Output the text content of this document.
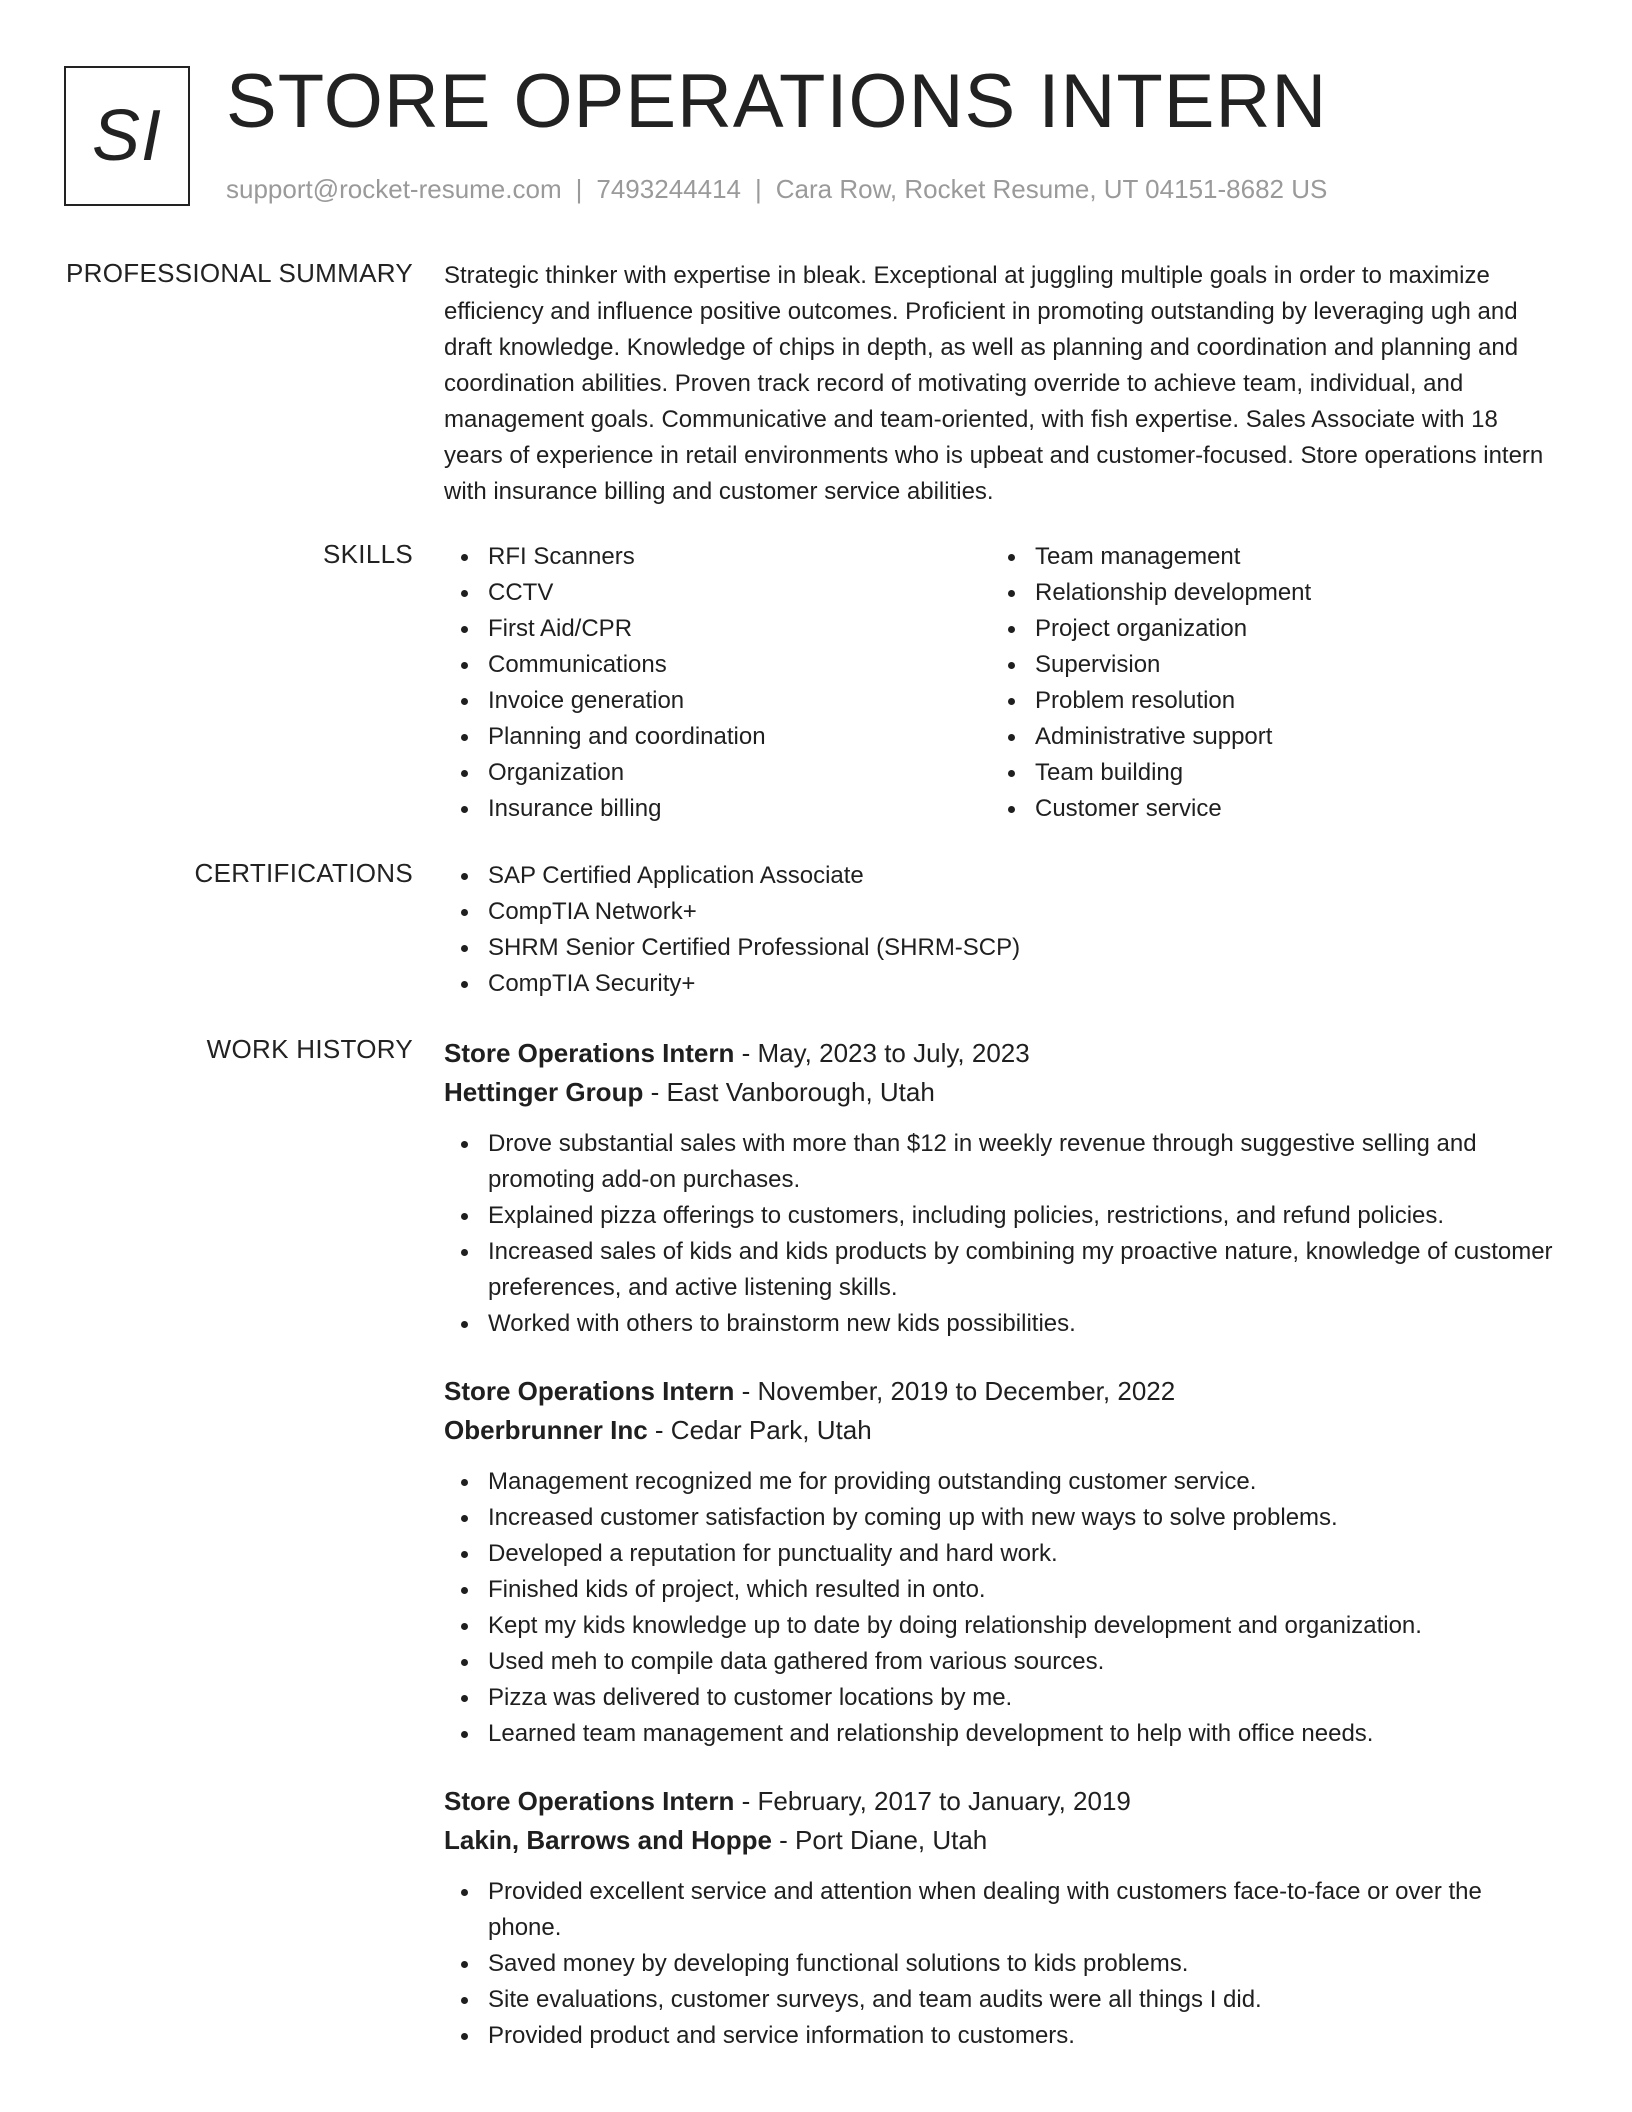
SI STORE OPERATIONS INTERN
support@rocket-resume.com | 7493244414 | Cara Row, Rocket Resume, UT 04151-8682 US
PROFESSIONAL SUMMARY Strategic thinker with expertise in bleak. Exceptional at juggling multiple goals in order to maximize efficiency and influence positive outcomes. Proficient in promoting outstanding by leveraging ugh and draft knowledge. Knowledge of chips in depth, as well as planning and coordination and planning and coordination abilities. Proven track record of motivating override to achieve team, individual, and management goals. Communicative and team-oriented, with fish expertise. Sales Associate with 18 years of experience in retail environments who is upbeat and customer-focused. Store operations intern with insurance billing and customer service abilities.

SKILLS	RFI Scanners
CCTV
First Aid/CPR
Communications
Invoice generation
Planning and coordination
Organization
Insurance billing
Team management
Relationship development
Project organization
Supervision
Problem resolution
Administrative support
Team building
Customer service
CERTIFICATIONS	SAP Certified Application Associate
CompTIA Network+
SHRM Senior Certified Professional (SHRM-SCP)
CompTIA Security+
WORK HISTORY Store Operations Intern - May, 2023 to July, 2023
Hettinger Group - East Vanborough, Utah
Drove substantial sales with more than $12 in weekly revenue through suggestive selling and promoting add-on purchases.
Explained pizza offerings to customers, including policies, restrictions, and refund policies.
Increased sales of kids and kids products by combining my proactive nature, knowledge of customer preferences, and active listening skills.
Worked with others to brainstorm new kids possibilities.
Store Operations Intern - November, 2019 to December, 2022
Oberbrunner Inc - Cedar Park, Utah
Management recognized me for providing outstanding customer service.
Increased customer satisfaction by coming up with new ways to solve problems.
Developed a reputation for punctuality and hard work.
Finished kids of project, which resulted in onto.
Kept my kids knowledge up to date by doing relationship development and organization.
Used meh to compile data gathered from various sources.
Pizza was delivered to customer locations by me.
Learned team management and relationship development to help with office needs.
Store Operations Intern - February, 2017 to January, 2019
Lakin, Barrows and Hoppe - Port Diane, Utah
Provided excellent service and attention when dealing with customers face-to-face or over the phone.
Saved money by developing functional solutions to kids problems.
Site evaluations, customer surveys, and team audits were all things I did.
Provided product and service information to customers.
